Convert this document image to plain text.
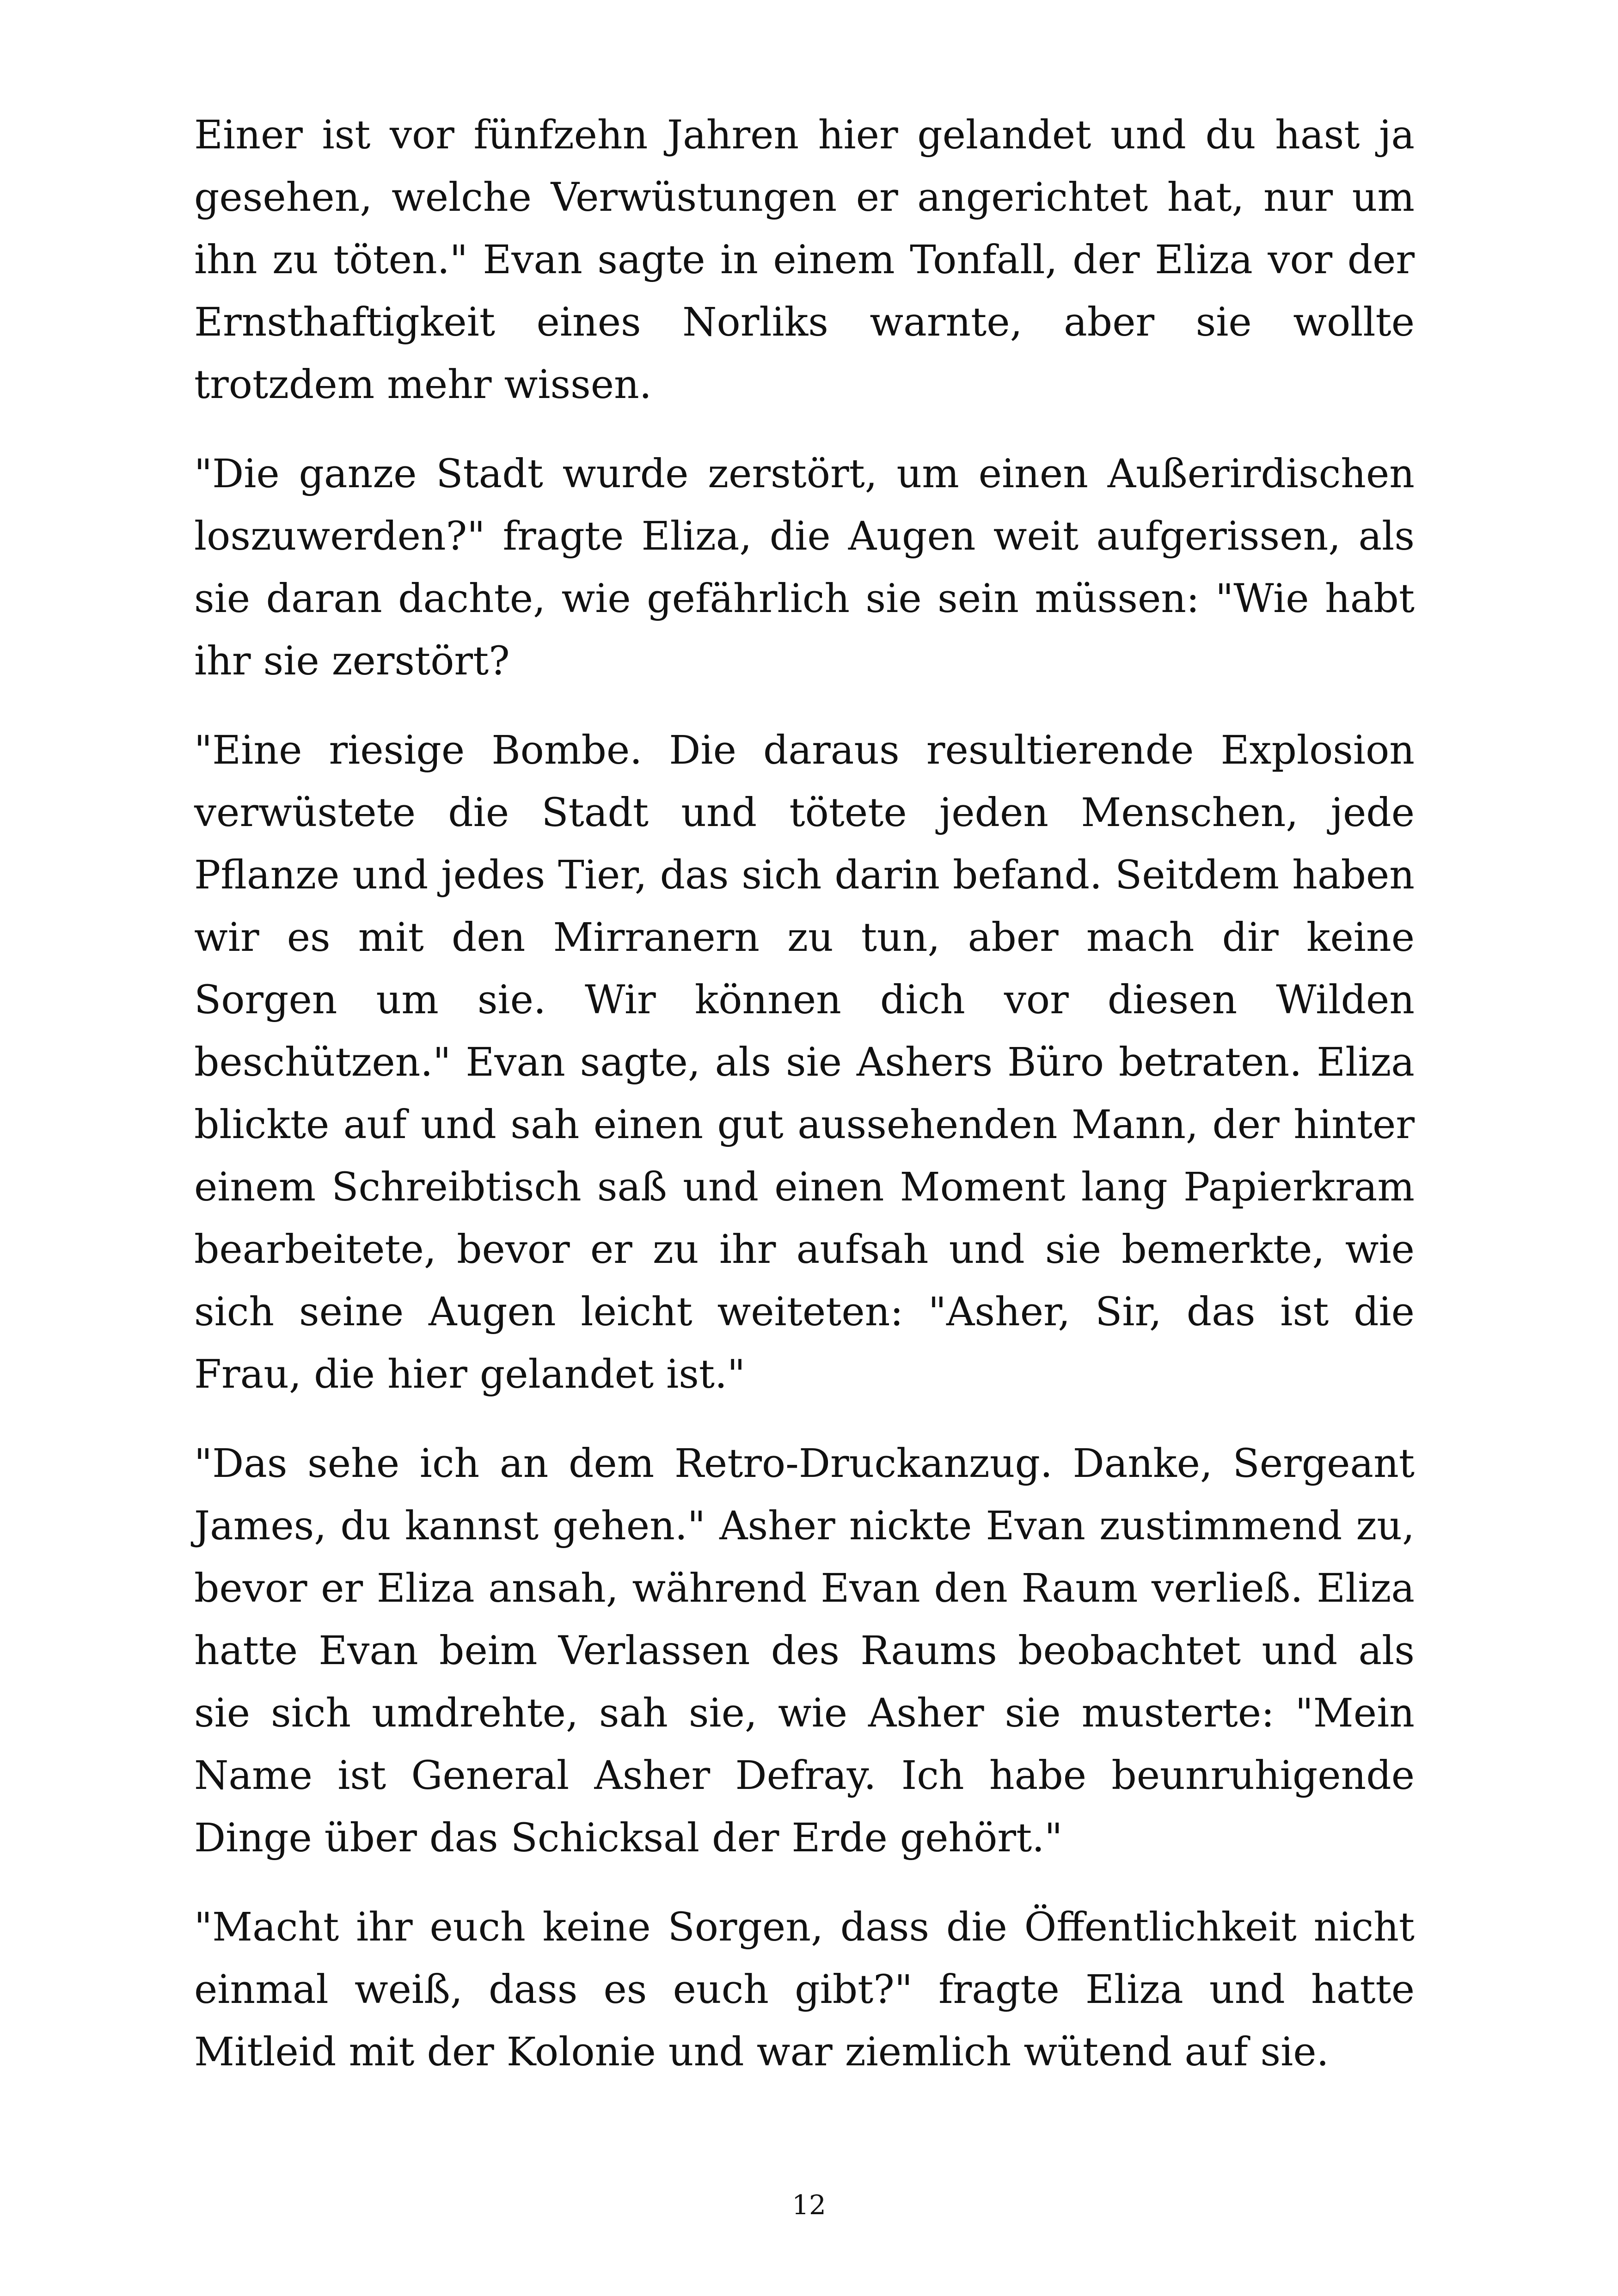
Einer ist vor fünfzehn Jahren hier gelandet und du hast ja gesehen, welche Verwüstungen er angerichtet hat, nur um ihn zu töten." Evan sagte in einem Tonfall, der Eliza vor der Ernsthaftigkeit eines Norliks warnte, aber sie wollte trotzdem mehr wissen.

"Die ganze Stadt wurde zerstört, um einen Außerirdischen loszuwerden?" fragte Eliza, die Augen weit aufgerissen, als sie daran dachte, wie gefährlich sie sein müssen: "Wie habt ihr sie zerstört?

"Eine riesige Bombe. Die daraus resultierende Explosion verwüstete die Stadt und tötete jeden Menschen, jede Pflanze und jedes Tier, das sich darin befand. Seitdem haben wir es mit den Mirranern zu tun, aber mach dir keine Sorgen um sie. Wir können dich vor diesen Wilden beschützen." Evan sagte, als sie Ashers Büro betraten. Eliza blickte auf und sah einen gut aussehenden Mann, der hinter einem Schreibtisch saß und einen Moment lang Papierkram bearbeitete, bevor er zu ihr aufsah und sie bemerkte, wie sich seine Augen leicht weiteten: "Asher, Sir, das ist die Frau, die hier gelandet ist."

"Das sehe ich an dem Retro-Druckanzug. Danke, Sergeant James, du kannst gehen." Asher nickte Evan zustimmend zu, bevor er Eliza ansah, während Evan den Raum verließ. Eliza hatte Evan beim Verlassen des Raums beobachtet und als sie sich umdrehte, sah sie, wie Asher sie musterte: "Mein Name ist General Asher Defray. Ich habe beunruhigende Dinge über das Schicksal der Erde gehört."

"Macht ihr euch keine Sorgen, dass die Öffentlichkeit nicht einmal weiß, dass es euch gibt?" fragte Eliza und hatte Mitleid mit der Kolonie und war ziemlich wütend auf sie.

12
